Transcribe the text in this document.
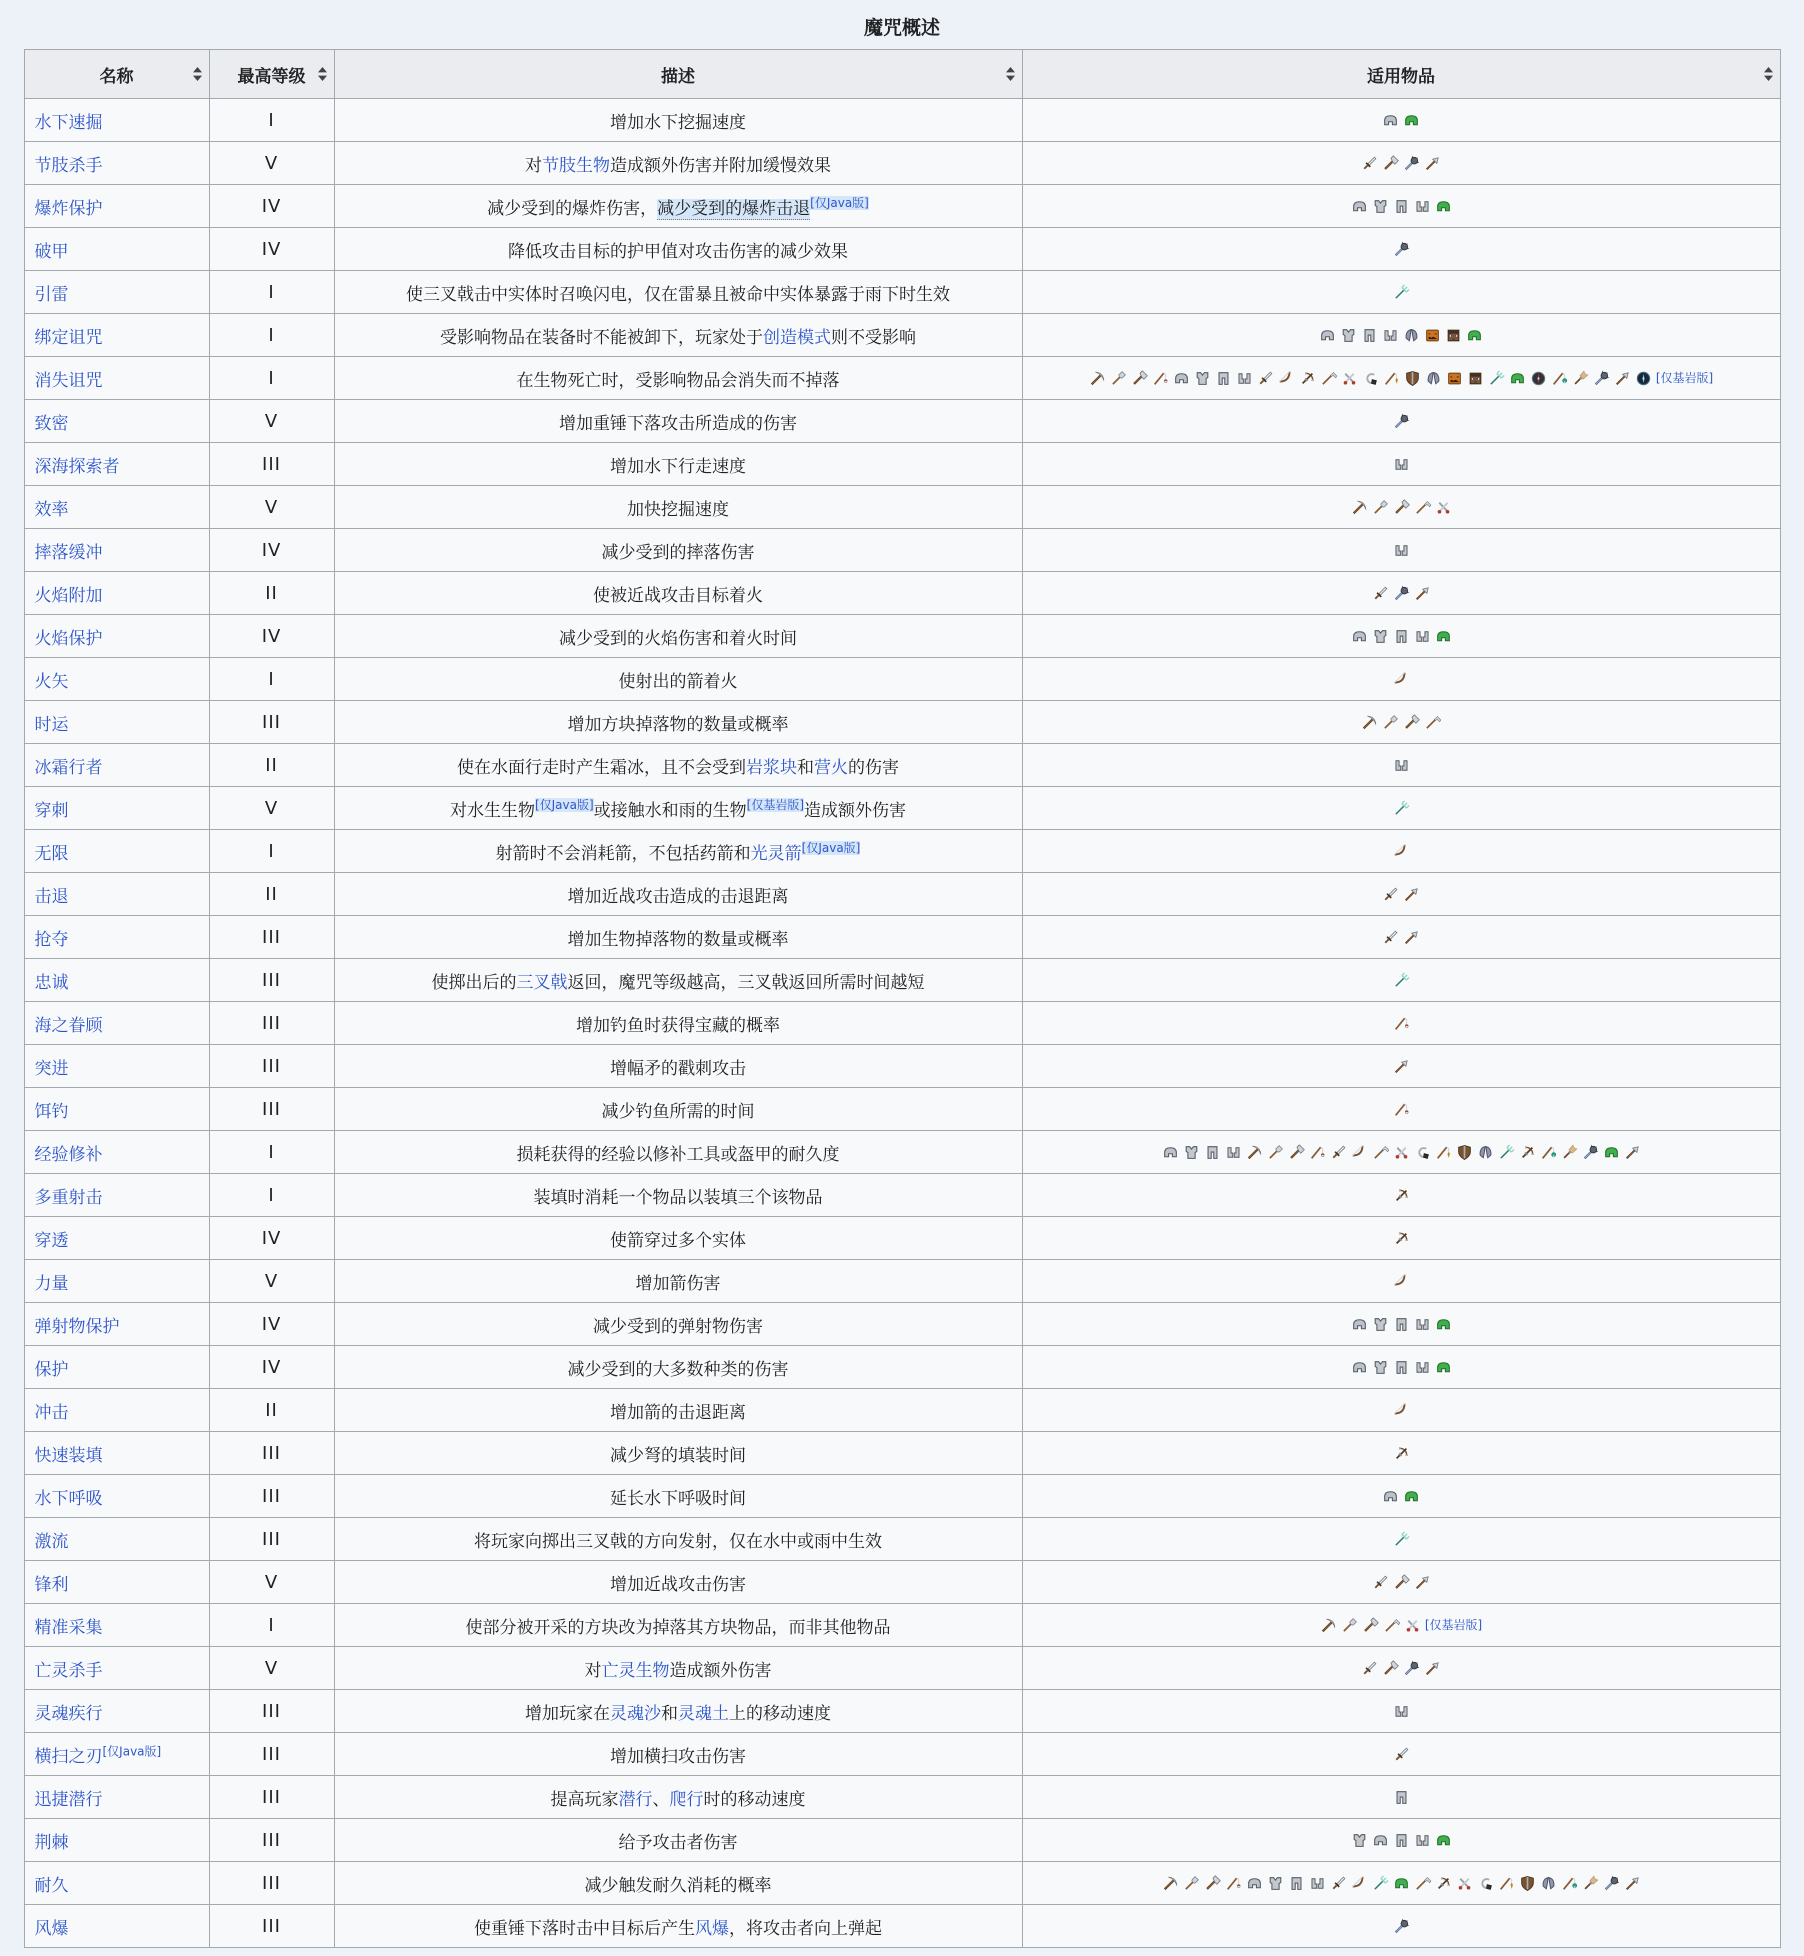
魔咒概述
名称	最高等级	描述	适用物品

水下速掘	I	增加水下挖掘速度	

节肢杀手	V	对节肢生物造成额外伤害并附加缓慢效果	

爆炸保护	IV	减少受到的爆炸伤害，减少受到的爆炸击退[仅Java版]	

破甲	IV	降低攻击目标的护甲值对攻击伤害的减少效果	

引雷	I	使三叉戟击中实体时召唤闪电，仅在雷暴且被命中实体暴露于雨下时生效	

绑定诅咒	I	受影响物品在装备时不能被卸下，玩家处于创造模式则不受影响	

消失诅咒	I	在生物死亡时，受影响物品会消失而不掉落	[仅基岩版]

致密	V	增加重锤下落攻击所造成的伤害	

深海探索者	III	增加水下行走速度	

效率	V	加快挖掘速度	

摔落缓冲	IV	减少受到的摔落伤害	

火焰附加	II	使被近战攻击目标着火	

火焰保护	IV	减少受到的火焰伤害和着火时间	

火矢	I	使射出的箭着火	

时运	III	增加方块掉落物的数量或概率	

冰霜行者	II	使在水面行走时产生霜冰，且不会受到岩浆块和营火的伤害	

穿刺	V	对水生生物[仅Java版]或接触水和雨的生物[仅基岩版]造成额外伤害	

无限	I	射箭时不会消耗箭，不包括药箭和光灵箭[仅Java版]	

击退	II	增加近战攻击造成的击退距离	

抢夺	III	增加生物掉落物的数量或概率	

忠诚	III	使掷出后的三叉戟返回，魔咒等级越高，三叉戟返回所需时间越短	

海之眷顾	III	增加钓鱼时获得宝藏的概率	

突进	III	增幅矛的戳刺攻击	

饵钓	III	减少钓鱼所需的时间	

经验修补	I	损耗获得的经验以修补工具或盔甲的耐久度	

多重射击	I	装填时消耗一个物品以装填三个该物品	

穿透	IV	使箭穿过多个实体	

力量	V	增加箭伤害	

弹射物保护	IV	减少受到的弹射物伤害	

保护	IV	减少受到的大多数种类的伤害	

冲击	II	增加箭的击退距离	

快速装填	III	减少弩的填装时间	

水下呼吸	III	延长水下呼吸时间	

激流	III	将玩家向掷出三叉戟的方向发射，仅在水中或雨中生效	

锋利	V	增加近战攻击伤害	

精准采集	I	使部分被开采的方块改为掉落其方块物品，而非其他物品	[仅基岩版]

亡灵杀手	V	对亡灵生物造成额外伤害	

灵魂疾行	III	增加玩家在灵魂沙和灵魂土上的移动速度	

横扫之刃[仅Java版]	III	增加横扫攻击伤害	

迅捷潜行	III	提高玩家潜行、爬行时的移动速度	

荆棘	III	给予攻击者伤害	

耐久	III	减少触发耐久消耗的概率	

风爆	III	使重锤下落时击中目标后产生风爆，将攻击者向上弹起	
